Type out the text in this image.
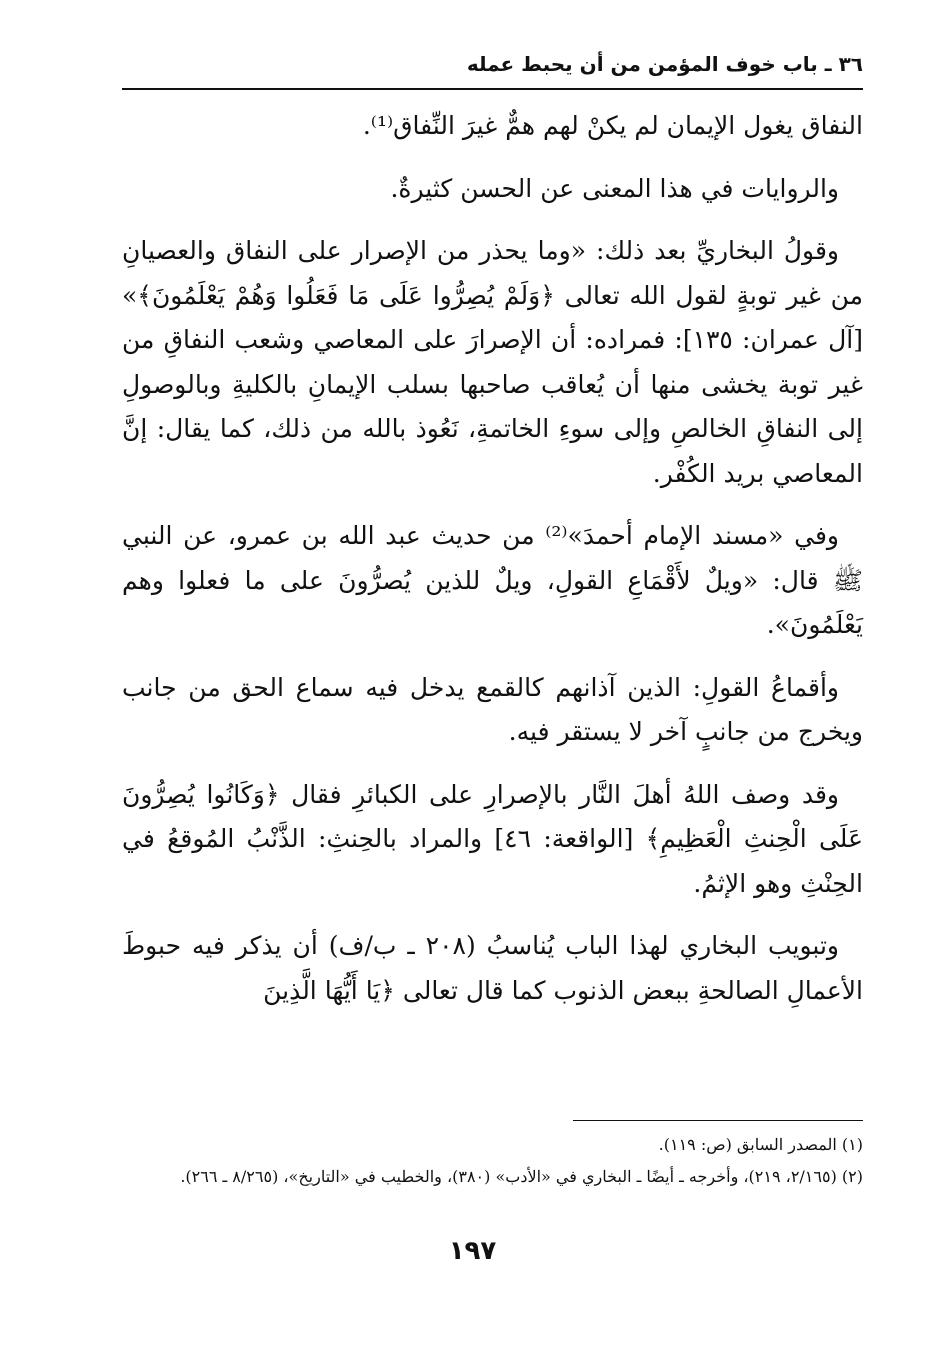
٣٦ ـ باب خوف المؤمن من أن يحبط عمله

النفاق يغول الإيمان لم يكنْ لهم همٌّ غيرَ النِّفاق⁽¹⁾.

والروايات في هذا المعنى عن الحسن كثيرةٌ.

وقولُ البخاريِّ بعد ذلك: «وما يحذر من الإصرار على النفاق والعصيانِ من غير توبةٍ لقول الله تعالى ﴿وَلَمْ يُصِرُّوا عَلَى مَا فَعَلُوا وَهُمْ يَعْلَمُونَ﴾» [آل عمران: ١٣٥]: فمراده: أن الإصرارَ على المعاصي وشعب النفاقِ من غير توبة يخشى منها أن يُعاقب صاحبها بسلب الإيمانِ بالكليةِ وبالوصولِ إلى النفاقِ الخالصِ وإلى سوءِ الخاتمةِ، نَعُوذ بالله من ذلك، كما يقال: إنَّ المعاصي بريد الكُفْر.

وفي «مسند الإمام أحمدَ»⁽²⁾ من حديث عبد الله بن عمرو، عن النبي ﷺ قال: «ويلٌ لأَقْمَاعِ القولِ، ويلٌ للذين يُصرُّونَ على ما فعلوا وهم يَعْلَمُونَ».

وأقماعُ القولِ: الذين آذانهم كالقمع يدخل فيه سماع الحق من جانب ويخرج من جانبٍ آخر لا يستقر فيه.

وقد وصف اللهُ أهلَ النَّار بالإصرارِ على الكبائرِ فقال ﴿وَكَانُوا يُصِرُّونَ عَلَى الْحِنثِ الْعَظِيمِ﴾ [الواقعة: ٤٦] والمراد بالحِنثِ: الذَّنْبُ المُوقعُ في الحِنْثِ وهو الإثمُ.

وتبويب البخاري لهذا الباب يُناسبُ (٢٠٨ ـ ب/ف) أن يذكر فيه حبوطَ الأعمالِ الصالحةِ ببعض الذنوب كما قال تعالى ﴿يَا أَيُّهَا الَّذِينَ

(١) المصدر السابق (ص: ١١٩).

(٢) (٢/١٦٥، ٢١٩)، وأخرجه ـ أيضًا ـ البخاري في «الأدب» (٣٨٠)، والخطيب في «التاريخ»، (٨/٢٦٥ ـ ٢٦٦).

١٩٧
